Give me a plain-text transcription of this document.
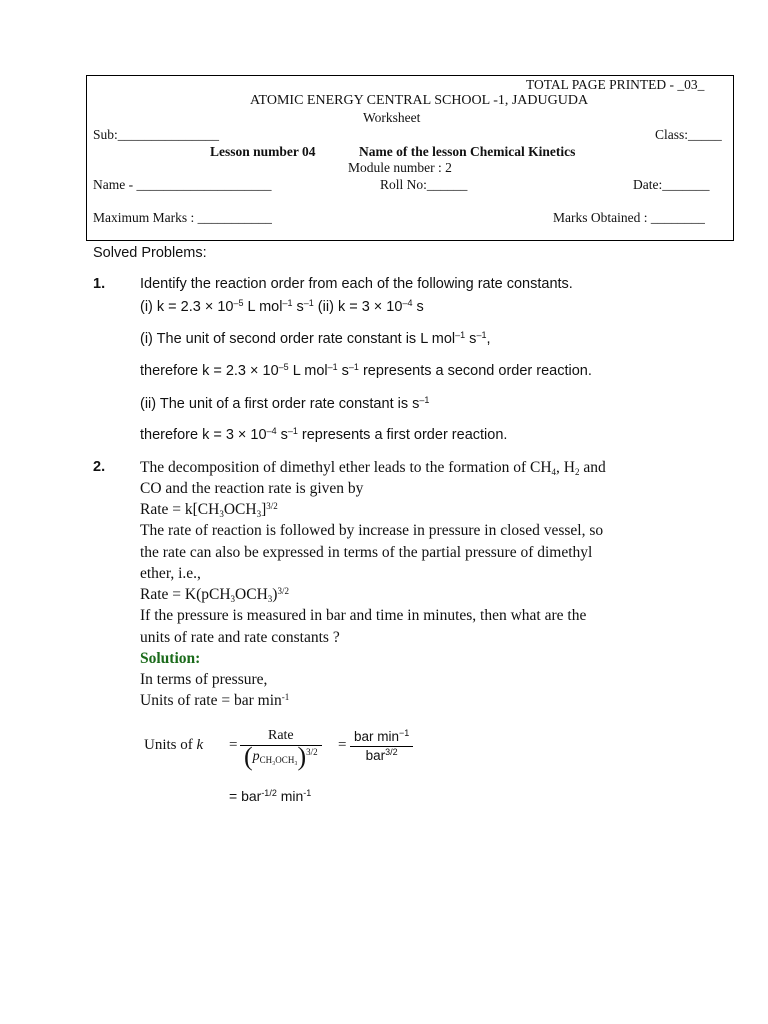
TOTAL PAGE PRINTED - _03_
ATOMIC ENERGY CENTRAL SCHOOL -1, JADUGUDA
Worksheet
Sub:_______________	Class:_____
Lesson number 04	Name of the lesson Chemical Kinetics
Module number : 2
Name - ____________________	Roll No:______	Date:_______
Maximum Marks : ___________	Marks Obtained : ________
Solved Problems:
1. Identify the reaction order from each of the following rate constants.
(i) $k = 2.3 \times 10^{-5}$ L mol$^{-1}$ $s^{-1}$ (ii) $k = 3 \times 10^{-4}$ s
(i) The unit of second order rate constant is L mol$^{-1}$ $s^{-1}$,
therefore $k = 2.3 \times 10^{-5}$ L mol$^{-1}$ $s^{-1}$ represents a second order reaction.
(ii) The unit of a first order rate constant is $s^{-1}$
therefore $k = 3 \times 10^{-4}$ $s^{-1}$ represents a first order reaction.
2. The decomposition of dimethyl ether leads to the formation of $CH_4$, $H_2$ and
CO and the reaction rate is given by
Rate = $k[CH_3OCH_3]^{3/2}$
The rate of reaction is followed by increase in pressure in closed vessel, so
the rate can also be expressed in terms of the partial pressure of dimethyl
ether, i.e.,
Rate = $K(pCH_3OCH_3)^{3/2}$
If the pressure is measured in bar and time in minutes, then what are the
units of rate and rate constants ?
Solution:
In terms of pressure,
Units of rate = bar $\min^{-1}$
Units of $k = \frac{\text{Rate}}{(p_{CH_3OCH_3})^{3/2}} = \frac{bar \min^{-1}}{bar^{3/2}}$
= bar$^{-1/2}$ $\min^{-1}$
